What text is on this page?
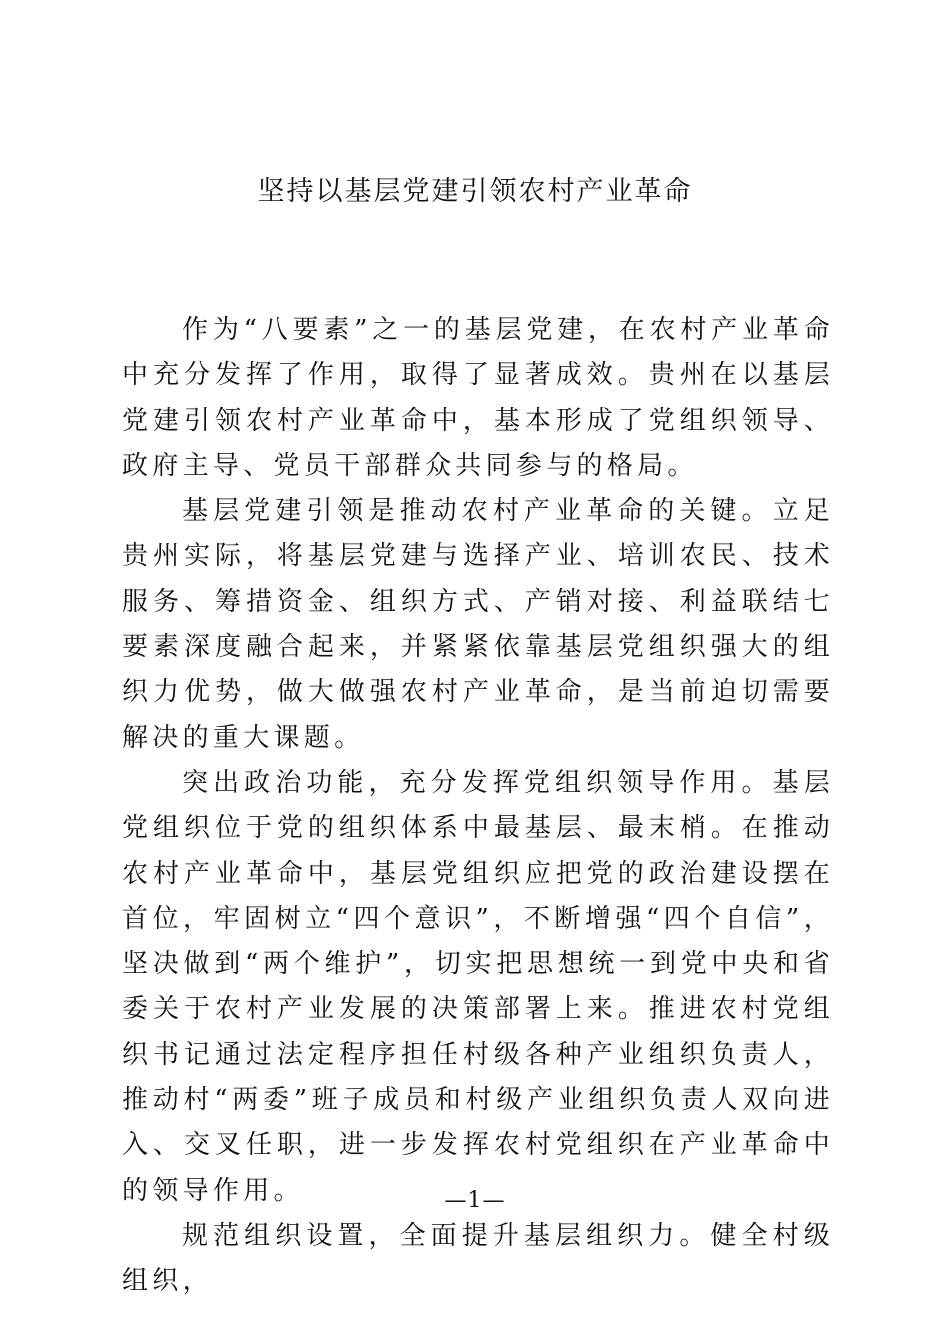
坚持以基层党建引领农村产业革命

作为“八要素”之一的基层党建，在农村产业革命中充分发挥了作用，取得了显著成效。贵州在以基层党建引领农村产业革命中，基本形成了党组织领导、政府主导、党员干部群众共同参与的格局。

基层党建引领是推动农村产业革命的关键。立足贵州实际，将基层党建与选择产业、培训农民、技术服务、筹措资金、组织方式、产销对接、利益联结七要素深度融合起来，并紧紧依靠基层党组织强大的组织力优势，做大做强农村产业革命，是当前迫切需要解决的重大课题。

突出政治功能，充分发挥党组织领导作用。基层党组织位于党的组织体系中最基层、最末梢。在推动农村产业革命中，基层党组织应把党的政治建设摆在首位，牢固树立“四个意识”，不断增强“四个自信”，坚决做到“两个维护”，切实把思想统一到党中央和省委关于农村产业发展的决策部署上来。推进农村党组织书记通过法定程序担任村级各种产业组织负责人，推动村“两委”班子成员和村级产业组织负责人双向进入、交叉任职，进一步发挥农村党组织在产业革命中的领导作用。

规范组织设置，全面提升基层组织力。健全村级组织，

—1—
